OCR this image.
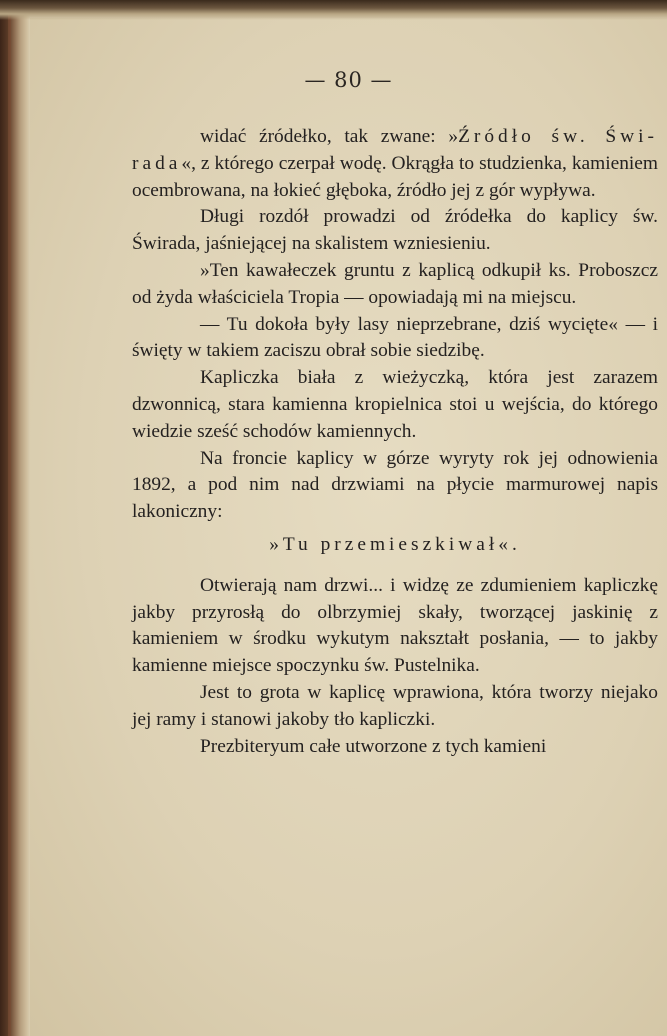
— 80 —

widać źródełko, tak zwane: »Źródło św. Świ-rada«, z którego czerpał wodę. Okrągła to studzienka, kamieniem ocembrowana, na łokieć głęboka, źródło jej z gór wypływa.

Długi rozdół prowadzi od źródełka do kaplicy św. Świrada, jaśniejącej na skalistem wzniesieniu.

»Ten kawałeczek gruntu z kaplicą odkupił ks. Proboszcz od żyda właściciela Tropia — opowiadają mi na miejscu.

— Tu dokoła były lasy nieprzebrane, dziś wycięte« — i święty w takiem zaciszu obrał sobie siedzibę.

Kapliczka biała z wieżyczką, która jest zarazem dzwonnicą, stara kamienna kropielnica stoi u wejścia, do którego wiedzie sześć schodów kamiennych.

Na froncie kaplicy w górze wyryty rok jej odnowienia 1892, a pod nim nad drzwiami na płycie marmurowej napis lakoniczny:

»Tu przemieszkiwał«.

Otwierają nam drzwi... i widzę ze zdumieniem kapliczkę jakby przyrosłą do olbrzymiej skały, tworzącej jaskinię z kamieniem w środku wykutym nakształt posłania, — to jakby kamienne miejsce spoczynku św. Pustelnika.

Jest to grota w kaplicę wprawiona, która tworzy niejako jej ramy i stanowi jakoby tło kapliczki.

Prezbiteryum całe utworzone z tych kamieni
